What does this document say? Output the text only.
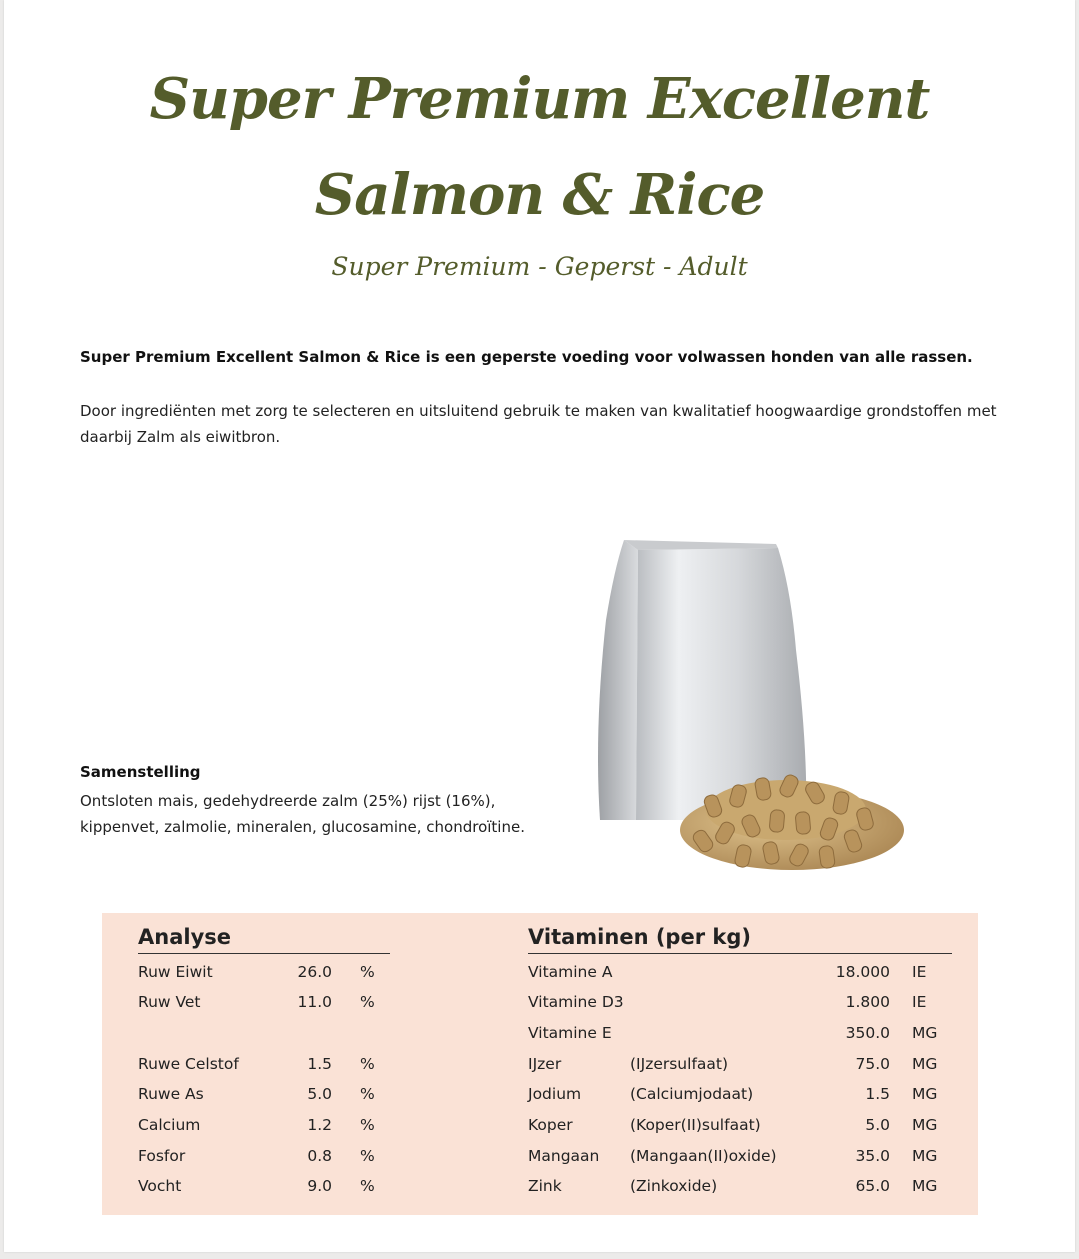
Super Premium Excellent
Salmon & Rice
Super Premium - Geperst - Adult
Super Premium Excellent Salmon & Rice is een geperste voeding voor volwassen honden van alle rassen.
Door ingrediënten met zorg te selecteren en uitsluitend gebruik te maken van kwalitatief hoogwaardige grondstoffen met daarbij Zalm als eiwitbron.
Samenstelling
Ontsloten mais, gedehydreerde zalm (25%) rijst (16%), kippenvet, zalmolie, mineralen, glucosamine, chondroïtine.
Analyse	Vitaminen (per kg)
Ruw Eiwit	26.0 %
Ruw Vet	11.0 %
Ruwe Celstof	1.5 %
Ruwe As	5.0 %
Calcium	1.2 %
Fosfor	0.8 %
Vocht	9.0 %
Vitamine A	18.000 IE
Vitamine D3	1.800 IE
Vitamine E	350.0 MG
IJzer	(IJzersulfaat)	75.0 MG
Jodium	(Calciumjodaat)	1.5 MG
Koper	(Koper(II)sulfaat)	5.0 MG
Mangaan (Mangaan(II)oxide)	35.0 MG
Zink	(Zinkoxide)	65.0 MG
